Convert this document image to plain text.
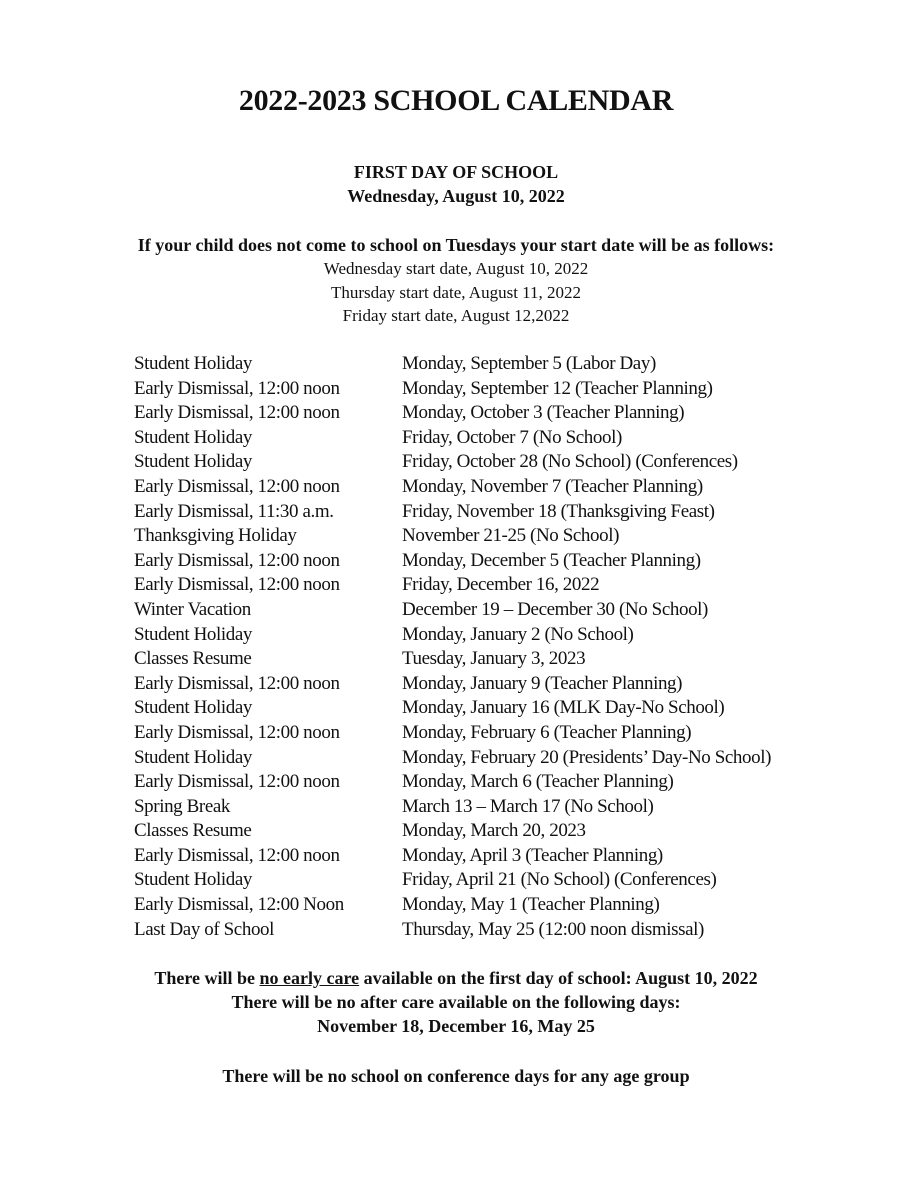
2022-2023 SCHOOL CALENDAR
FIRST DAY OF SCHOOL
Wednesday, August 10, 2022
If your child does not come to school on Tuesdays your start date will be as follows:
Wednesday start date, August 10, 2022
Thursday start date, August 11, 2022
Friday start date, August 12,2022
Student Holiday	Monday, September 5 (Labor Day)
Early Dismissal, 12:00 noon	Monday, September 12 (Teacher Planning)
Early Dismissal, 12:00 noon	Monday, October 3 (Teacher Planning)
Student Holiday	Friday, October 7 (No School)
Student Holiday	Friday, October 28 (No School) (Conferences)
Early Dismissal, 12:00 noon	Monday, November 7 (Teacher Planning)
Early Dismissal, 11:30 a.m.	Friday, November 18 (Thanksgiving Feast)
Thanksgiving Holiday	November 21-25 (No School)
Early Dismissal, 12:00 noon	Monday, December 5 (Teacher Planning)
Early Dismissal, 12:00 noon	Friday, December 16, 2022
Winter Vacation	December 19 – December 30 (No School)
Student Holiday	Monday, January 2 (No School)
Classes Resume	Tuesday, January 3, 2023
Early Dismissal, 12:00 noon	Monday, January 9 (Teacher Planning)
Student Holiday	Monday, January 16 (MLK Day-No School)
Early Dismissal, 12:00 noon	Monday, February 6 (Teacher Planning)
Student Holiday	Monday, February 20 (Presidents’ Day-No School)
Early Dismissal, 12:00 noon	Monday, March 6 (Teacher Planning)
Spring Break	March 13 – March 17 (No School)
Classes Resume	Monday, March 20, 2023
Early Dismissal, 12:00 noon	Monday, April 3 (Teacher Planning)
Student Holiday	Friday, April 21 (No School) (Conferences)
Early Dismissal, 12:00 Noon	Monday, May 1 (Teacher Planning)
Last Day of School	Thursday, May 25 (12:00 noon dismissal)
There will be no early care available on the first day of school: August 10, 2022
There will be no after care available on the following days:
November 18, December 16, May 25
There will be no school on conference days for any age group
